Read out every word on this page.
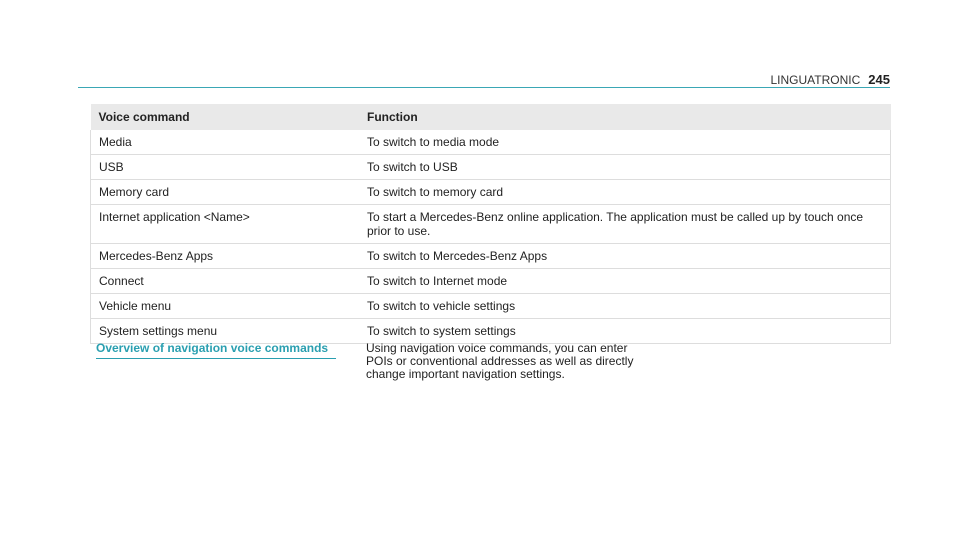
LINGUATRONIC 245
Voice command	Function
Media	To switch to media mode
USB	To switch to USB
Memory card	To switch to memory card
Internet application <Name>	To start a Mercedes-Benz online application. The application must be called up by touch once prior to use.
Mercedes-Benz Apps	To switch to Mercedes-Benz Apps
Connect	To switch to Internet mode
Vehicle menu	To switch to vehicle settings
System settings menu	To switch to system settings
Overview of navigation voice commands	Using navigation voice commands, you can enter POIs or conventional addresses as well as directly change important navigation settings.
